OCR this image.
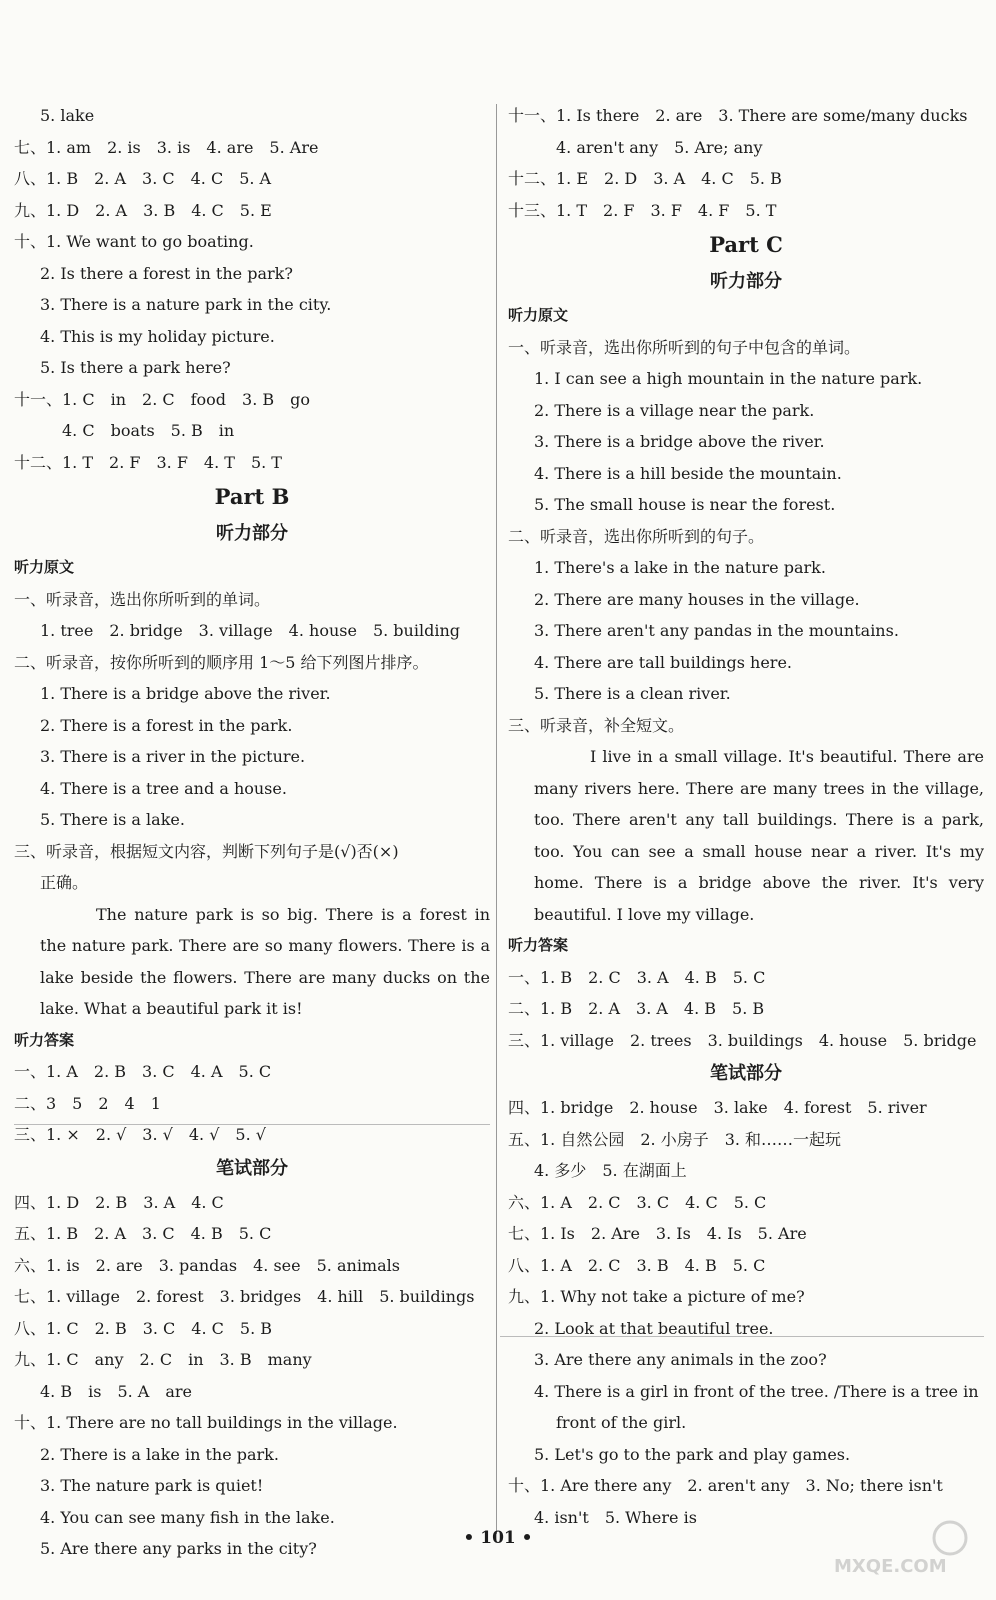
5. lake
七、1. am　2. is　3. is　4. are　5. Are
八、1. B　2. A　3. C　4. C　5. A
九、1. D　2. A　3. B　4. C　5. E
十、1. We want to go boating.
2. Is there a forest in the park?
3. There is a nature park in the city.
4. This is my holiday picture.
5. Is there a park here?
十一、1. C　in　2. C　food　3. B　go
4. C　boats　5. B　in
十二、1. T　2. F　3. F　4. T　5. T
Part B
听力部分
听力原文
一、听录音，选出你所听到的单词。
1. tree　2. bridge　3. village　4. house　5. building
二、听录音，按你所听到的顺序用 1～5 给下列图片排序。
1. There is a bridge above the river.
2. There is a forest in the park.
3. There is a river in the picture.
4. There is a tree and a house.
5. There is a lake.
三、听录音，根据短文内容，判断下列句子是(√)否(×)
正确。
The nature park is so big. There is a forest in the nature park. There are so many flowers. There is a lake beside the flowers. There are many ducks on the lake. What a beautiful park it is!
听力答案
一、1. A　2. B　3. C　4. A　5. C
二、3　5　2　4　1
三、1. ×　2. √　3. √　4. √　5. √
笔试部分
四、1. D　2. B　3. A　4. C
五、1. B　2. A　3. C　4. B　5. C
六、1. is　2. are　3. pandas　4. see　5. animals
七、1. village　2. forest　3. bridges　4. hill　5. buildings
八、1. C　2. B　3. C　4. C　5. B
九、1. C　any　2. C　in　3. B　many
4. B　is　5. A　are
十、1. There are no tall buildings in the village.
2. There is a lake in the park.
3. The nature park is quiet!
4. You can see many fish in the lake.
5. Are there any parks in the city?
十一、1. Is there　2. are　3. There are some/many ducks
4. aren't any　5. Are; any
十二、1. E　2. D　3. A　4. C　5. B
十三、1. T　2. F　3. F　4. F　5. T
Part C
听力部分
听力原文
一、听录音，选出你所听到的句子中包含的单词。
1. I can see a high mountain in the nature park.
2. There is a village near the park.
3. There is a bridge above the river.
4. There is a hill beside the mountain.
5. The small house is near the forest.
二、听录音，选出你所听到的句子。
1. There's a lake in the nature park.
2. There are many houses in the village.
3. There aren't any pandas in the mountains.
4. There are tall buildings here.
5. There is a clean river.
三、听录音，补全短文。
I live in a small village. It's beautiful. There are many rivers here. There are many trees in the village, too. There aren't any tall buildings. There is a park, too. You can see a small house near a river. It's my home. There is a bridge above the river. It's very beautiful. I love my village.
听力答案
一、1. B　2. C　3. A　4. B　5. C
二、1. B　2. A　3. A　4. B　5. B
三、1. village　2. trees　3. buildings　4. house　5. bridge
笔试部分
四、1. bridge　2. house　3. lake　4. forest　5. river
五、1. 自然公园　2. 小房子　3. 和……一起玩
4. 多少　5. 在湖面上
六、1. A　2. C　3. C　4. C　5. C
七、1. Is　2. Are　3. Is　4. Is　5. Are
八、1. A　2. C　3. B　4. B　5. C
九、1. Why not take a picture of me?
2. Look at that beautiful tree.
3. Are there any animals in the zoo?
4. There is a girl in front of the tree. /There is a tree in
front of the girl.
5. Let's go to the park and play games.
十、1. Are there any　2. aren't any　3. No; there isn't
4. isn't　5. Where is
• 101 •
MXQE.COM
